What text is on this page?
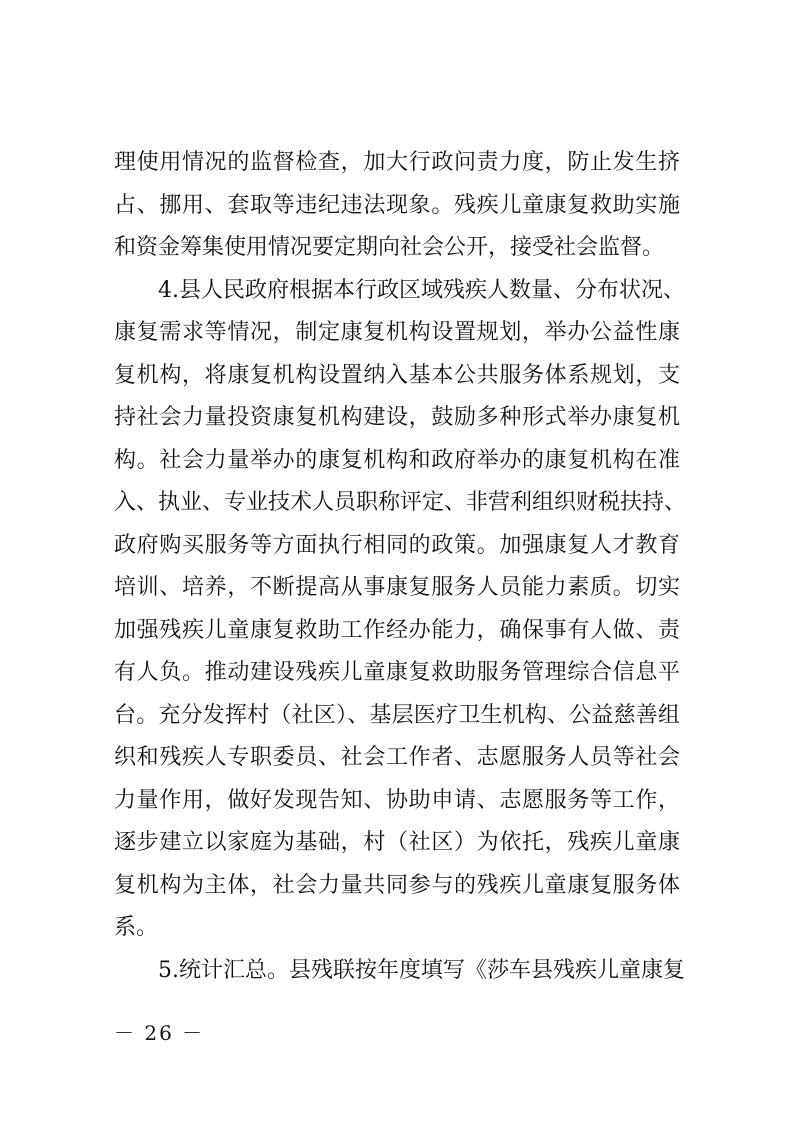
理使用情况的监督检查，加大行政问责力度，防止发生挤
占、挪用、套取等违纪违法现象。残疾儿童康复救助实施
和资金筹集使用情况要定期向社会公开，接受社会监督。
4.县人民政府根据本行政区域残疾人数量、分布状况、
康复需求等情况，制定康复机构设置规划，举办公益性康
复机构，将康复机构设置纳入基本公共服务体系规划，支
持社会力量投资康复机构建设，鼓励多种形式举办康复机
构。社会力量举办的康复机构和政府举办的康复机构在准
入、执业、专业技术人员职称评定、非营利组织财税扶持、
政府购买服务等方面执行相同的政策。加强康复人才教育
培训、培养，不断提高从事康复服务人员能力素质。切实
加强残疾儿童康复救助工作经办能力，确保事有人做、责
有人负。推动建设残疾儿童康复救助服务管理综合信息平
台。充分发挥村（社区）、基层医疗卫生机构、公益慈善组
织和残疾人专职委员、社会工作者、志愿服务人员等社会
力量作用，做好发现告知、协助申请、志愿服务等工作，
逐步建立以家庭为基础，村（社区）为依托，残疾儿童康
复机构为主体，社会力量共同参与的残疾儿童康复服务体
系。
5.统计汇总。县残联按年度填写《莎车县残疾儿童康复
－ 26 －
